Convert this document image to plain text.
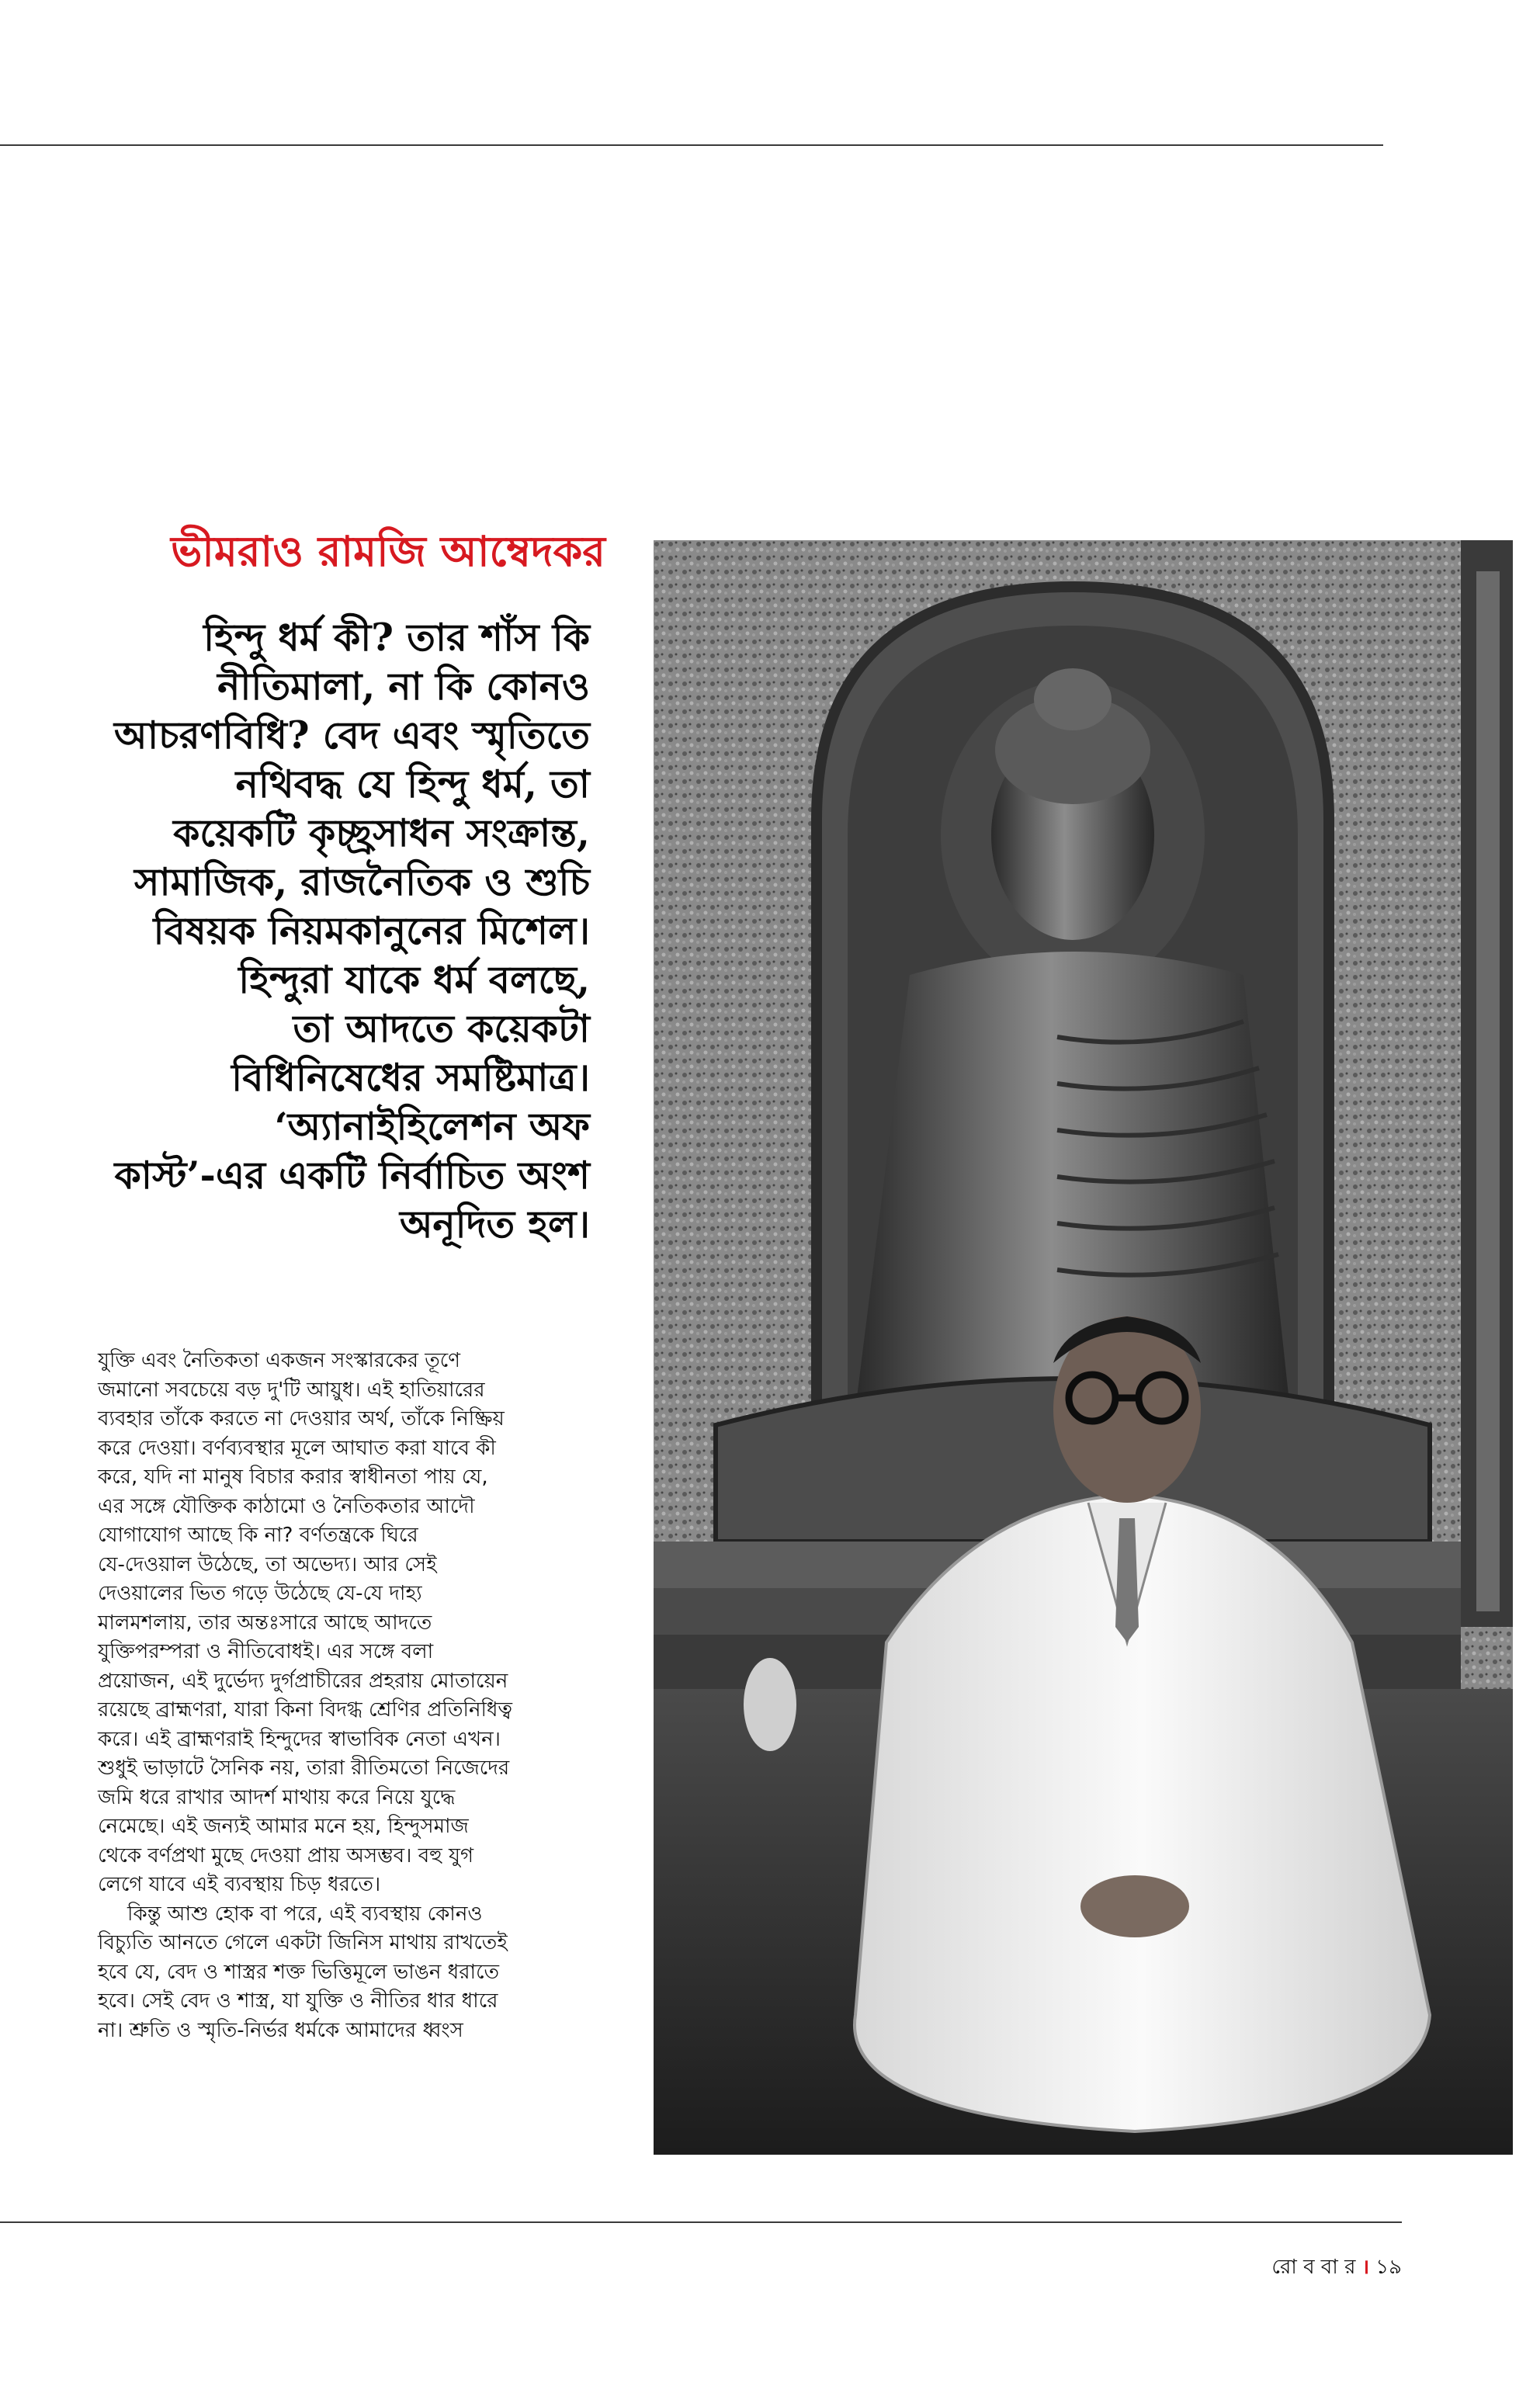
ভীমরাও রামজি আম্বেদকর
হিন্দু ধর্ম কী? তার শাঁস কি
নীতিমালা, না কি কোনও
আচরণবিধি? বেদ এবং স্মৃতিতে
নথিবদ্ধ যে হিন্দু ধর্ম, তা
কয়েকটি কৃচ্ছ্রসাধন সংক্রান্ত,
সামাজিক, রাজনৈতিক ও শুচি
বিষয়ক নিয়মকানুনের মিশেল।
হিন্দুরা যাকে ধর্ম বলছে,
তা আদতে কয়েকটা
বিধিনিষেধের সমষ্টিমাত্র।
‘অ্যানাইহিলেশন অফ
কাস্ট’-এর একটি নির্বাচিত অংশ
অনূদিত হল।
যুক্তি এবং নৈতিকতা একজন সংস্কারকের তূণে
জমানো সবচেয়ে বড় দু'টি আয়ুধ। এই হাতিয়ারের
ব্যবহার তাঁকে করতে না দেওয়ার অর্থ, তাঁকে নিষ্ক্রিয়
করে দেওয়া। বর্ণব্যবস্থার মূলে আঘাত করা যাবে কী
করে, যদি না মানুষ বিচার করার স্বাধীনতা পায় যে,
এর সঙ্গে যৌক্তিক কাঠামো ও নৈতিকতার আদৌ
যোগাযোগ আছে কি না? বর্ণতন্ত্রকে ঘিরে
যে-দেওয়াল উঠেছে, তা অভেদ্য। আর সেই
দেওয়ালের ভিত গড়ে উঠেছে যে-যে দাহ্য
মালমশলায়, তার অন্তঃসারে আছে আদতে
যুক্তিপরম্পরা ও নীতিবোধই। এর সঙ্গে বলা
প্রয়োজন, এই দুর্ভেদ্য দুর্গপ্রাচীরের প্রহরায় মোতায়েন
রয়েছে ব্রাহ্মণরা, যারা কিনা বিদগ্ধ শ্রেণির প্রতিনিধিত্ব
করে। এই ব্রাহ্মণরাই হিন্দুদের স্বাভাবিক নেতা এখন।
শুধুই ভাড়াটে সৈনিক নয়, তারা রীতিমতো নিজেদের
জমি ধরে রাখার আদর্শ মাথায় করে নিয়ে যুদ্ধে
নেমেছে। এই জন্যই আমার মনে হয়, হিন্দুসমাজ
থেকে বর্ণপ্রথা মুছে দেওয়া প্রায় অসম্ভব। বহু যুগ
লেগে যাবে এই ব্যবস্থায় চিড় ধরতে।
কিন্তু আশু হোক বা পরে, এই ব্যবস্থায় কোনও
বিচ্যুতি আনতে গেলে একটা জিনিস মাথায় রাখতেই
হবে যে, বেদ ও শাস্ত্রর শক্ত ভিত্তিমূলে ভাঙন ধরাতে
হবে। সেই বেদ ও শাস্ত্র, যা যুক্তি ও নীতির ধার ধারে
না। শ্রুতি ও স্মৃতি-নির্ভর ধর্মকে আমাদের ধ্বংস
রো ব বা র । ১৯
